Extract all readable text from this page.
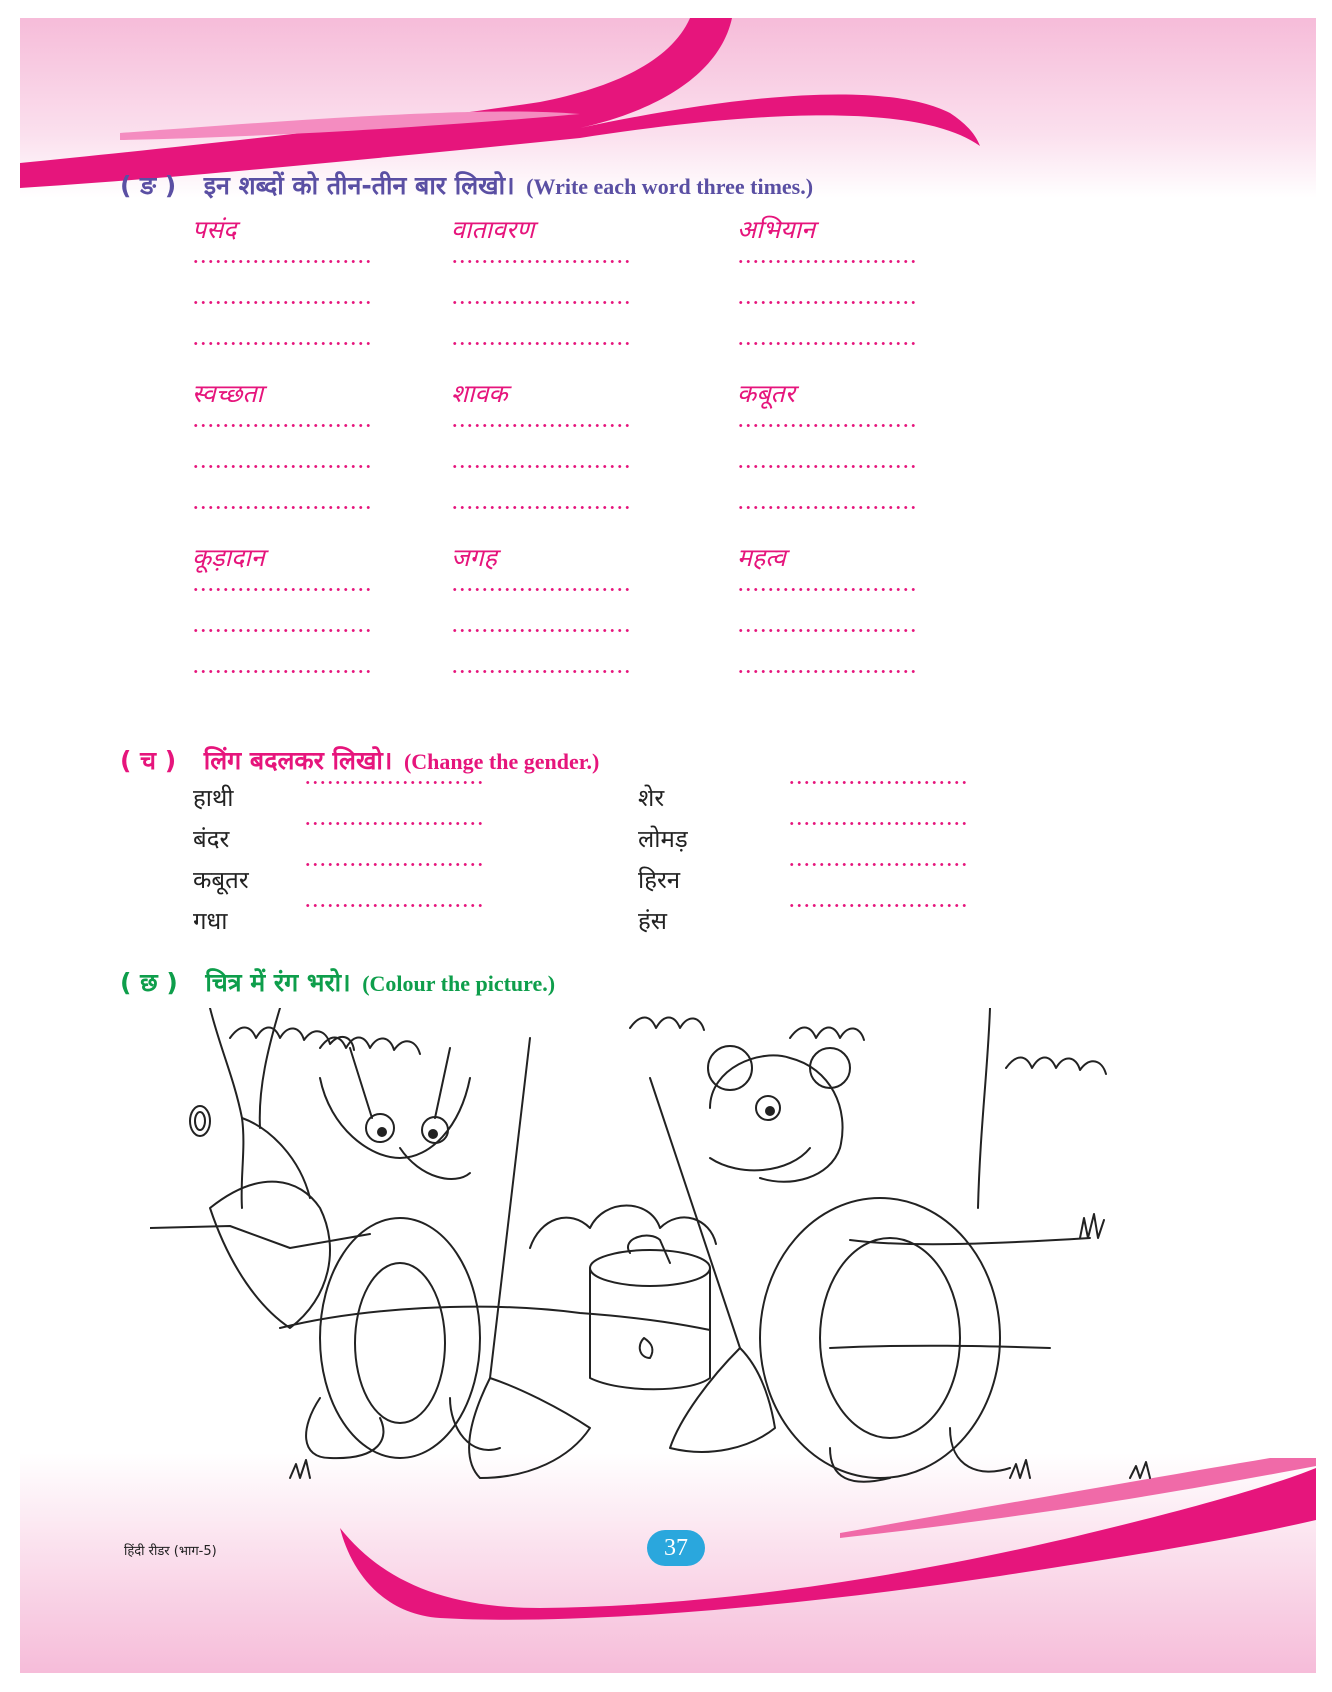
( ङ ) इन शब्दों को तीन-तीन बार लिखो। (Write each word three times.)
पसंद	वातावरण	अभियान
स्वच्छता	शावक	कबूतर
कूड़ादान	जगह	महत्व
( च ) लिंग बदलकर लिखो। (Change the gender.)
हाथी
बंदर
कबूतर
गधा
शेर
लोमड़
हिरन
हंस
( छ ) चित्र में रंग भरो। (Colour the picture.)
हिंदी रीडर (भाग-5)	37
